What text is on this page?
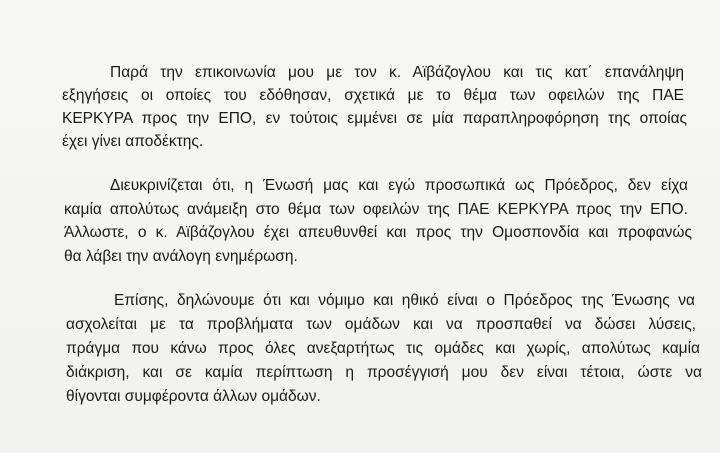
Παρά την επικοινωνία μου με τον κ. Αϊβάζογλου και τις κατ΄ επανάληψη
εξηγήσεις οι οποίες του εδόθησαν, σχετικά με το θέμα των οφειλών της ΠΑΕ
ΚΕΡΚΥΡΑ προς την ΕΠΟ, εν τούτοις εμμένει σε μία παραπληροφόρηση της οποίας
έχει γίνει αποδέκτης.
Διευκρινίζεται ότι, η Ένωσή μας και εγώ προσωπικά ως Πρόεδρος, δεν είχα
καμία απολύτως ανάμειξη στο θέμα των οφειλών της ΠΑΕ ΚΕΡΚΥΡΑ προς την ΕΠΟ.
Άλλωστε, ο κ. Αϊβάζογλου έχει απευθυνθεί και προς την Ομοσπονδία και προφανώς
θα λάβει την ανάλογη ενημέρωση.
Επίσης, δηλώνουμε ότι και νόμιμο και ηθικό είναι ο Πρόεδρος της Ένωσης να
ασχολείται με τα προβλήματα των ομάδων και να προσπαθεί να δώσει λύσεις,
πράγμα που κάνω προς όλες ανεξαρτήτως τις ομάδες και χωρίς, απολύτως καμία
διάκριση, και σε καμία περίπτωση η προσέγγισή μου δεν είναι τέτοια, ώστε να
θίγονται συμφέροντα άλλων ομάδων.
